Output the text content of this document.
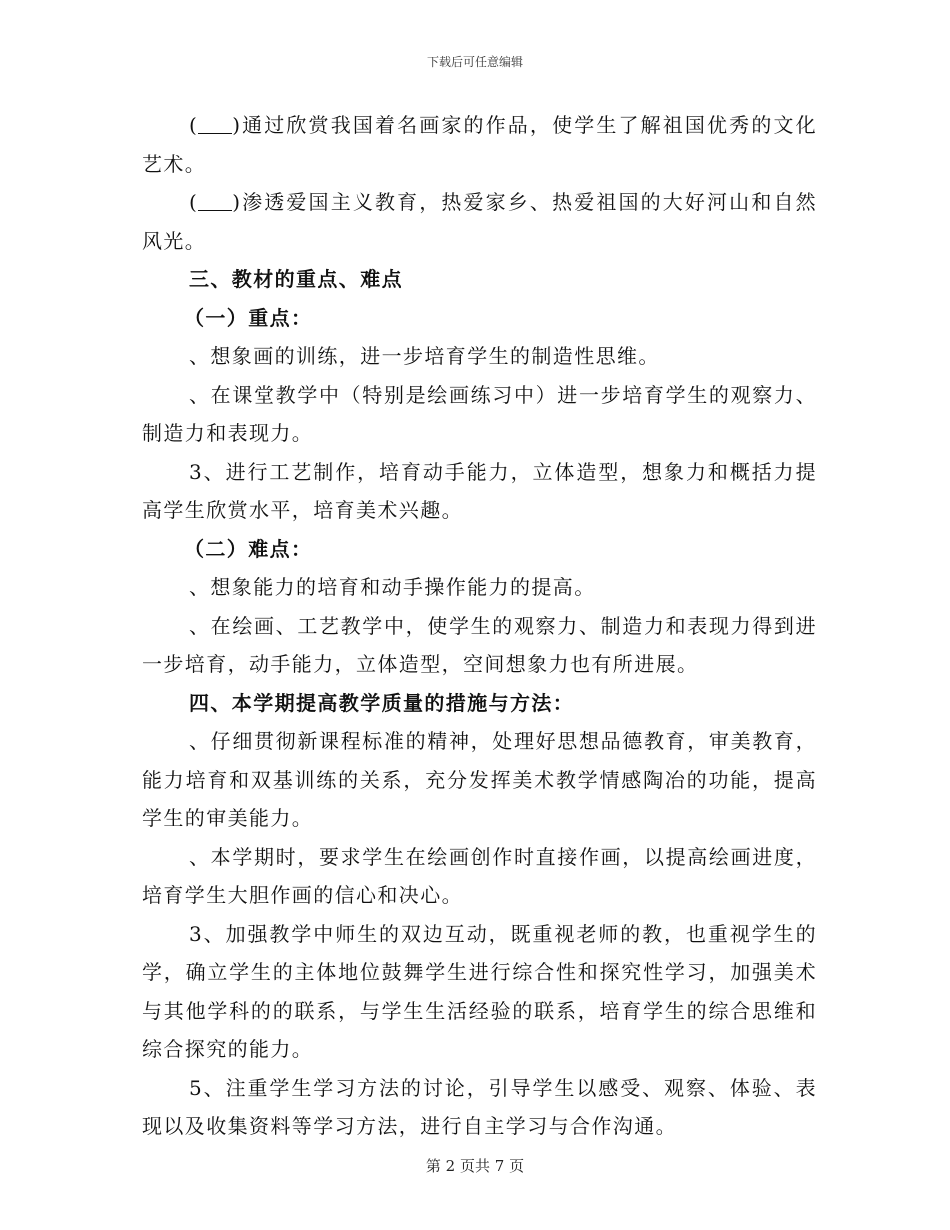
下载后可任意编辑

( )通过欣赏我国着名画家的作品，使学生了解祖国优秀的文化艺术。

( )渗透爱国主义教育，热爱家乡、热爱祖国的大好河山和自然风光。

三、教材的重点、难点

（一）重点：

、想象画的训练，进一步培育学生的制造性思维。

、在课堂教学中（特别是绘画练习中）进一步培育学生的观察力、制造力和表现力。

3、进行工艺制作，培育动手能力，立体造型，想象力和概括力提高学生欣赏水平，培育美术兴趣。

（二）难点：

、想象能力的培育和动手操作能力的提高。

、在绘画、工艺教学中，使学生的观察力、制造力和表现力得到进一步培育，动手能力，立体造型，空间想象力也有所进展。

四、本学期提高教学质量的措施与方法：

、仔细贯彻新课程标准的精神，处理好思想品德教育，审美教育，能力培育和双基训练的关系，充分发挥美术教学情感陶冶的功能，提高学生的审美能力。

、本学期时，要求学生在绘画创作时直接作画，以提高绘画进度，培育学生大胆作画的信心和决心。

3、加强教学中师生的双边互动，既重视老师的教，也重视学生的学，确立学生的主体地位鼓舞学生进行综合性和探究性学习，加强美术与其他学科的的联系，与学生生活经验的联系，培育学生的综合思维和综合探究的能力。

5、注重学生学习方法的讨论，引导学生以感受、观察、体验、表现以及收集资料等学习方法，进行自主学习与合作沟通。

第 2 页共 7 页
